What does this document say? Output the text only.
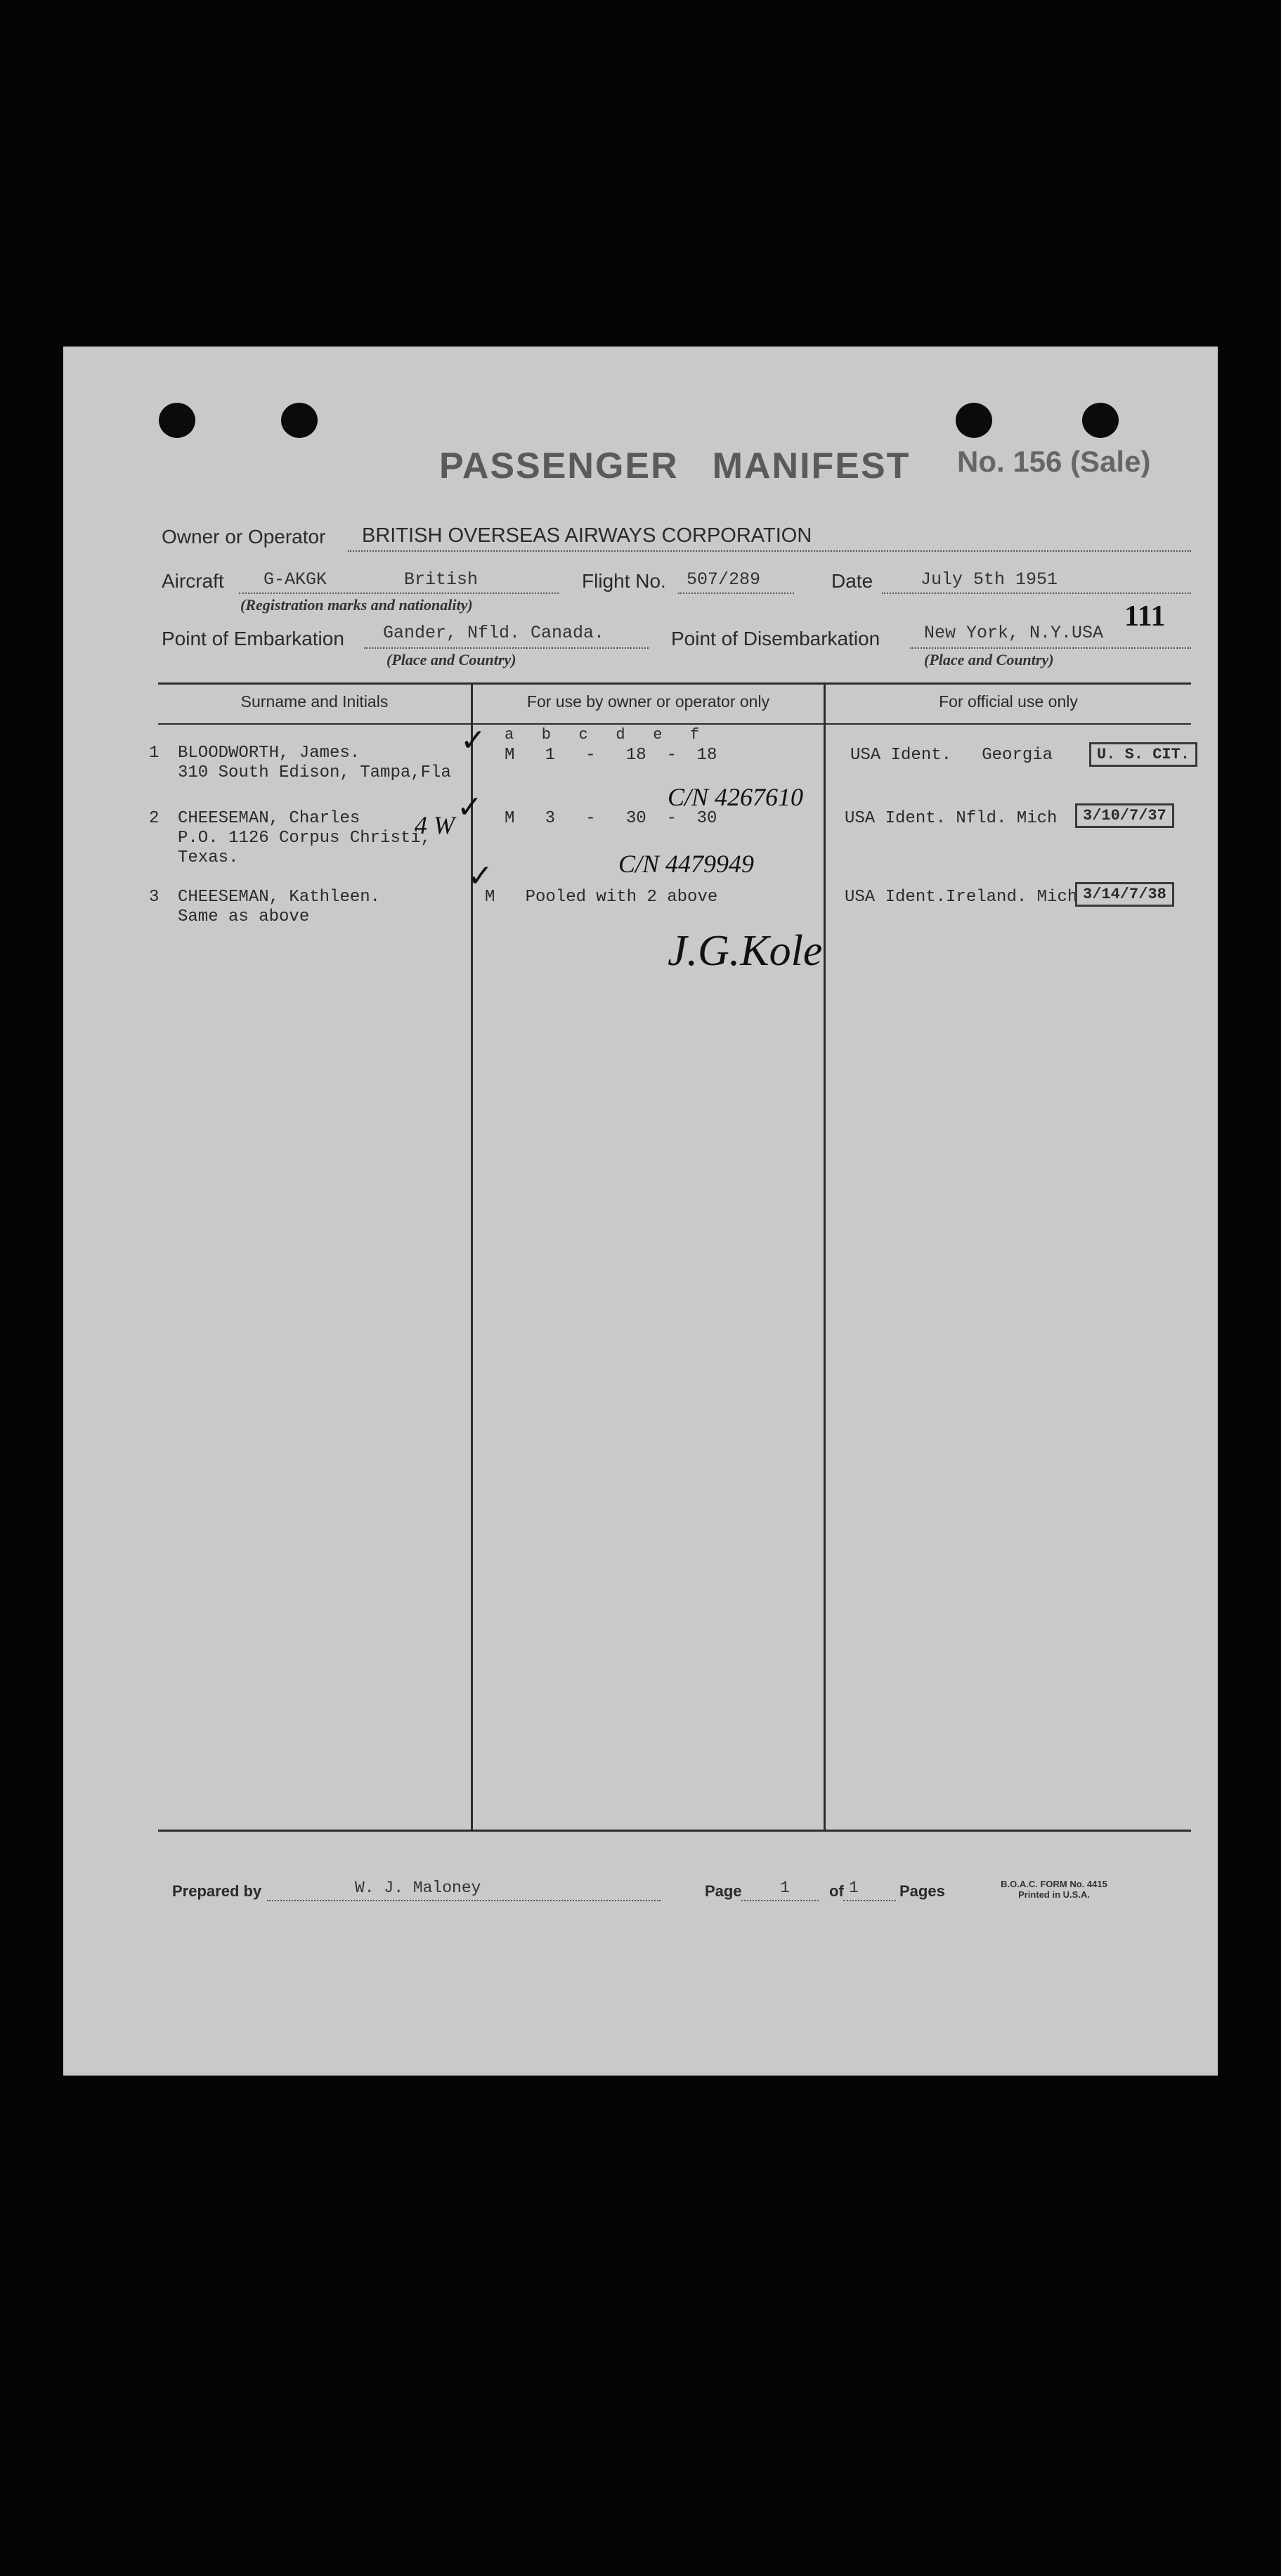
PASSENGER MANIFEST No. 156 (Sale)
111
Owner or Operator BRITISH OVERSEAS AIRWAYS CORPORATION
Aircraft G-AKGK	British
(Registration marks and nationality)
Flight No. 507/289	Date	July 5th 1951
Point of Embarkation Gander, Nfld. Canada.
(Place and Country)
Point of Disembarkation	New York, N.Y.USA
(Place and Country)
Surname and Initials	For use by owner or operator only	For official use only
a   b   c   d   e   f
1 BLOODWORTH, James.
310 South Edison, Tampa,Fla
M   1   -   18  -  18	USA Ident.   Georgia	U. S. CIT.
✓
2 CHEESEMAN, Charles
P.O. 1126 Corpus Christi,
Texas.
M   3   -   30  -  30	USA Ident. Nfld. Mich	3/10/7/37
✓	C/N 4267610
4 W
3 CHEESEMAN, Kathleen.
Same as above
M   Pooled with 2 above	USA Ident.Ireland. Mich 3/14/7/38
✓	C/N 4479949
J.G.Kole
Prepared by	W. J. Maloney	Page 1	of 1	Pages	B.O.A.C. FORM No. 4415
Printed in U.S.A.
